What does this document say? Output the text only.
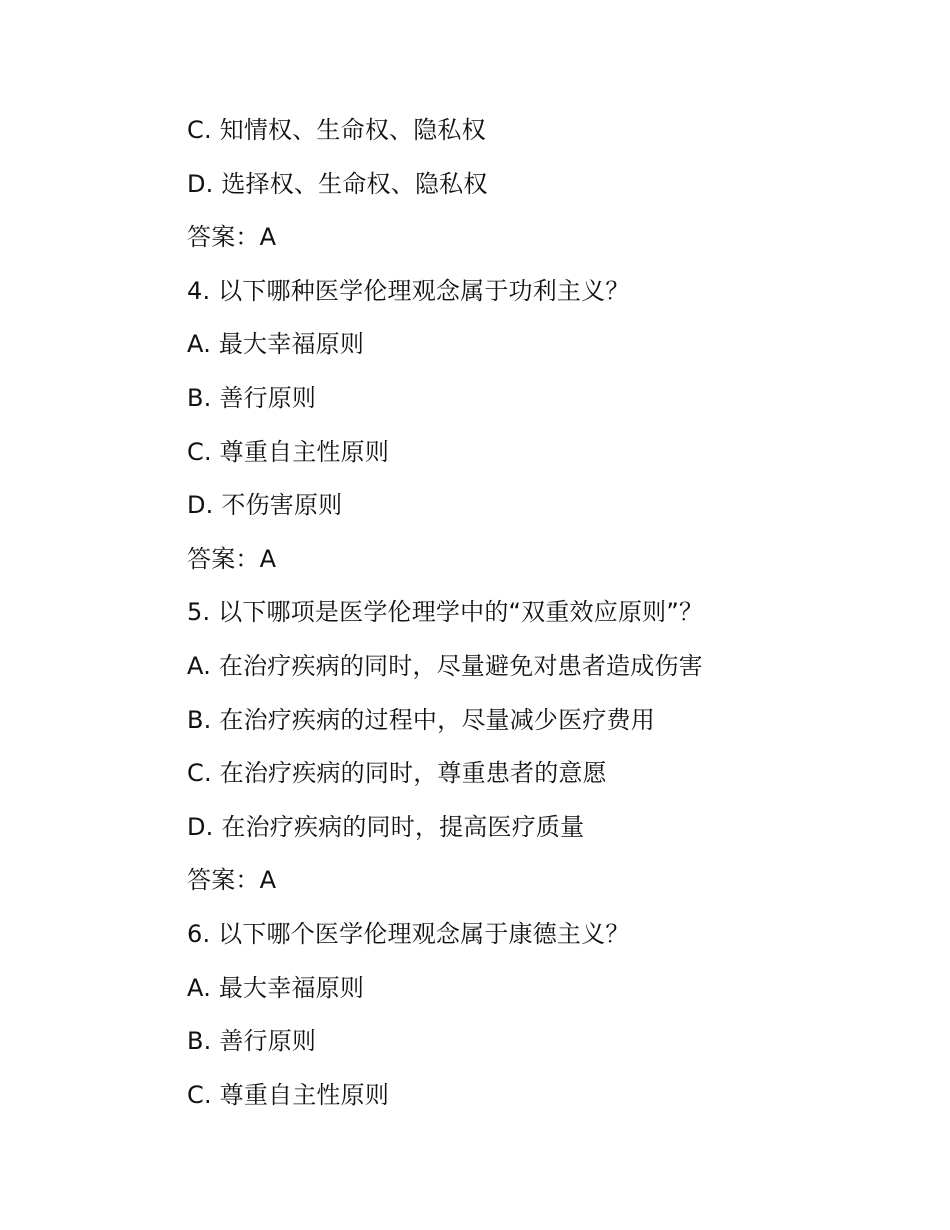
C. 知情权、生命权、隐私权
D. 选择权、生命权、隐私权
答案：A
4. 以下哪种医学伦理观念属于功利主义？
A. 最大幸福原则
B. 善行原则
C. 尊重自主性原则
D. 不伤害原则
答案：A
5. 以下哪项是医学伦理学中的“双重效应原则”？
A. 在治疗疾病的同时，尽量避免对患者造成伤害
B. 在治疗疾病的过程中，尽量减少医疗费用
C. 在治疗疾病的同时，尊重患者的意愿
D. 在治疗疾病的同时，提高医疗质量
答案：A
6. 以下哪个医学伦理观念属于康德主义？
A. 最大幸福原则
B. 善行原则
C. 尊重自主性原则
